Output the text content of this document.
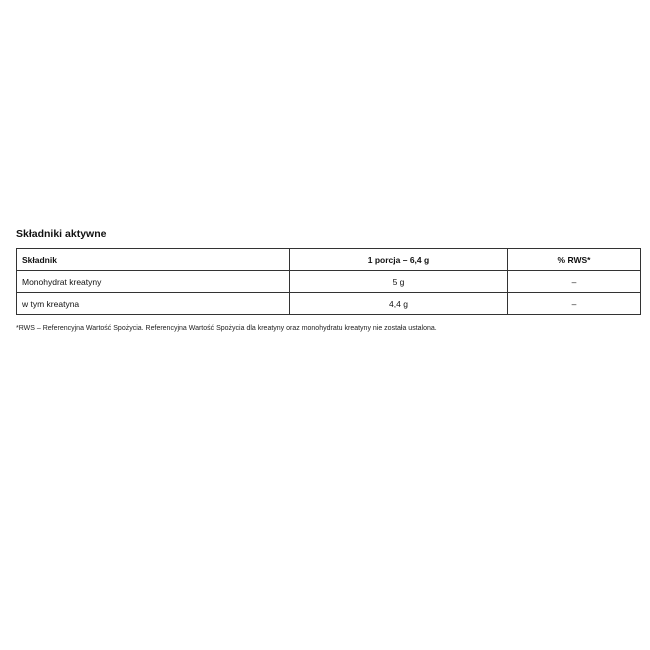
Składniki aktywne
Składnik	1 porcja – 6,4 g	% RWS*
Monohydrat kreatyny	5 g	–
w tym kreatyna	4,4 g	–
*RWS – Referencyjna Wartość Spożycia. Referencyjna Wartość Spożycia dla kreatyny oraz monohydratu kreatyny nie została ustalona.
